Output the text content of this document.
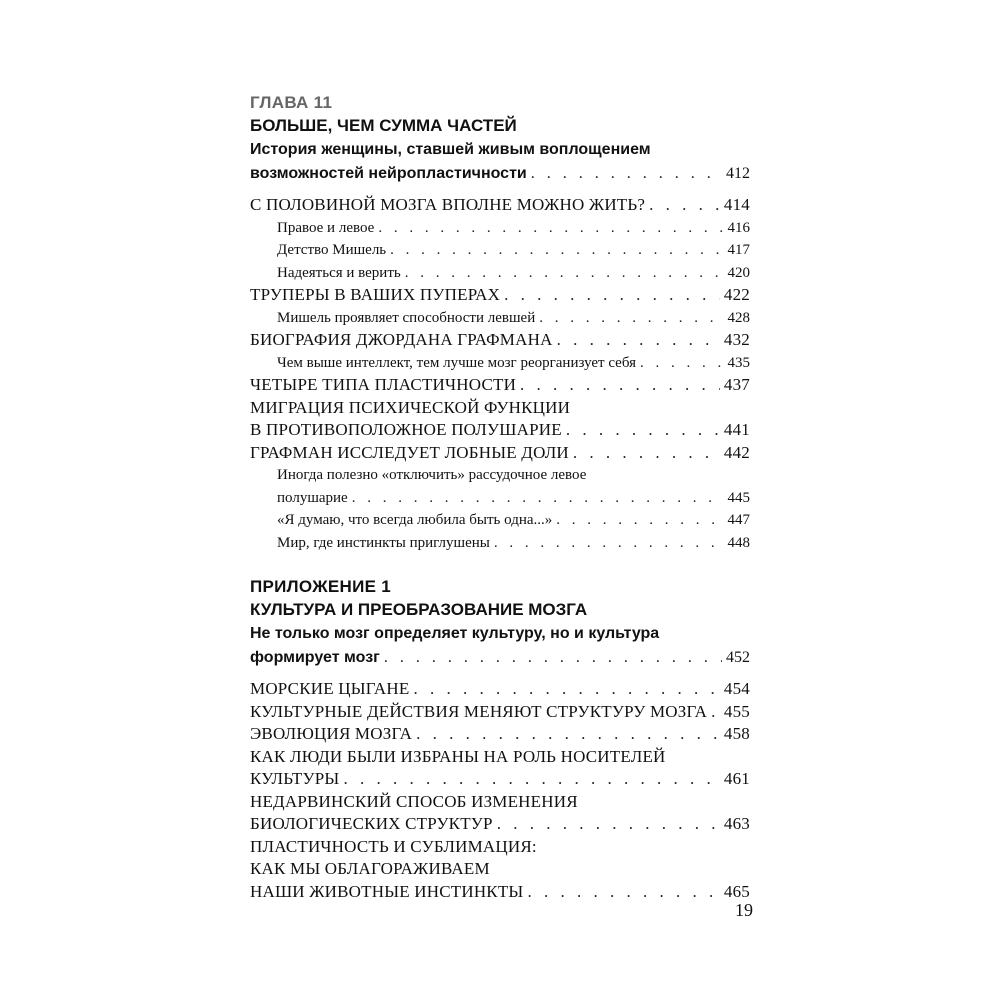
ГЛАВА 11
БОЛЬШЕ, ЧЕМ СУММА ЧАСТЕЙ
История женщины, ставшей живым воплощением
возможностей нейропластичности . . .	412
С ПОЛОВИНОЙ МОЗГА ВПОЛНЕ МОЖНО ЖИТЬ? . . .	414
Правое и левое . . .	416
Детство Мишель . . .	417
Надеяться и верить . . .	420
ТРУПЕРЫ В ВАШИХ ПУПЕРАХ . . .	422
Мишель проявляет способности левшей . . .	428
БИОГРАФИЯ ДЖОРДАНА ГРАФМАНА . . .	432
Чем выше интеллект, тем лучше мозг реорганизует себя . . .	435
ЧЕТЫРЕ ТИПА ПЛАСТИЧНОСТИ . . .	437
МИГРАЦИЯ ПСИХИЧЕСКОЙ ФУНКЦИИ
В ПРОТИВОПОЛОЖНОЕ ПОЛУШАРИЕ . . .	441
ГРАФМАН ИССЛЕДУЕТ ЛОБНЫЕ ДОЛИ . . .	442
Иногда полезно «отключить» рассудочное левое
полушарие . . .	445
«Я думаю, что всегда любила быть одна...» . . .	447
Мир, где инстинкты приглушены . . .	448
ПРИЛОЖЕНИЕ 1
КУЛЬТУРА И ПРЕОБРАЗОВАНИЕ МОЗГА
Не только мозг определяет культуру, но и культура
формирует мозг . . .	452
МОРСКИЕ ЦЫГАНЕ . . .	454
КУЛЬТУРНЫЕ ДЕЙСТВИЯ МЕНЯЮТ СТРУКТУРУ МОЗГА . . . 455
ЭВОЛЮЦИЯ МОЗГА . . .	458
КАК ЛЮДИ БЫЛИ ИЗБРАНЫ НА РОЛЬ НОСИТЕЛЕЙ
КУЛЬТУРЫ . . .	461
НЕДАРВИНСКИЙ СПОСОБ ИЗМЕНЕНИЯ
БИОЛОГИЧЕСКИХ СТРУКТУР . . .	463
ПЛАСТИЧНОСТЬ И СУБЛИМАЦИЯ:
КАК МЫ ОБЛАГОРАЖИВАЕМ
НАШИ ЖИВОТНЫЕ ИНСТИНКТЫ . . .	465
19
